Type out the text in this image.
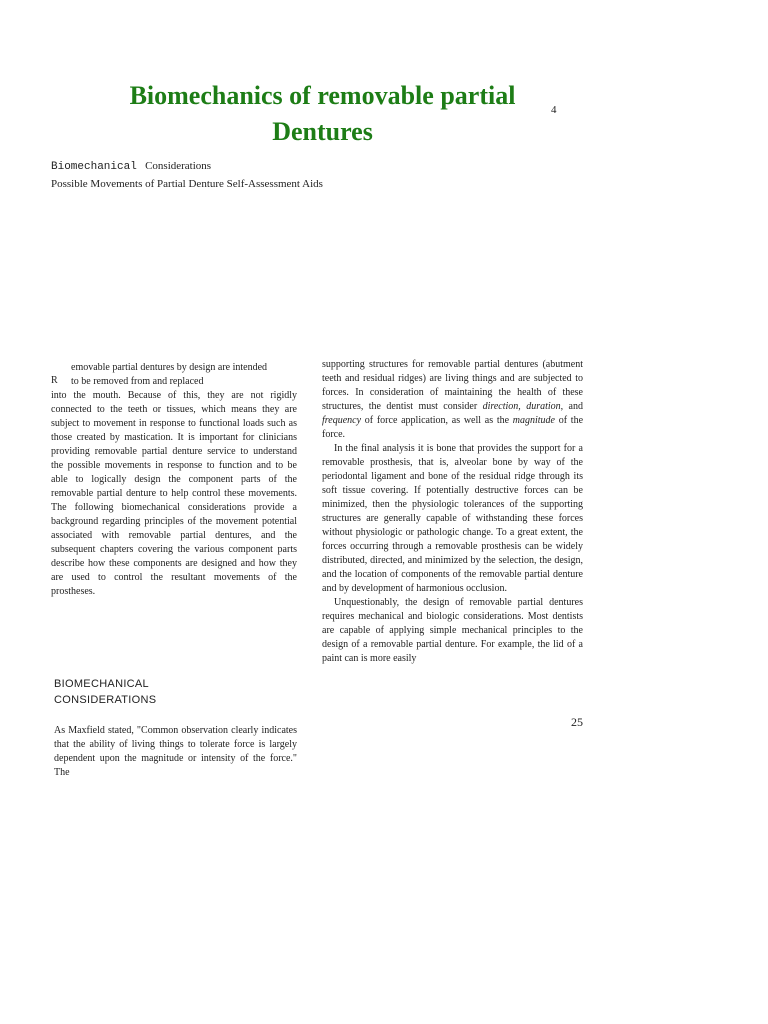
Biomechanics of removable partial
Dentures
4
Biomechanical Considerations
Possible Movements of Partial Denture Self-Assessment Aids
emovable partial dentures by design are intended
to be removed from and replaced

into the mouth. Because of this, they are not rigidly connected to the teeth or tissues, which means they are subject to movement in response to functional loads such as those created by mastication. It is important for clinicians providing removable partial denture service to understand the possible movements in response to function and to be able to logically design the component parts of the removable partial denture to help control these movements. The following biomechanical considerations provide a background regarding principles of the movement potential associated with removable partial dentures, and the subsequent chapters covering the various component parts describe how these components are designed and how they are used to control the resultant movements of the prostheses.

R
BIOMECHANICAL
CONSIDERATIONS

As Maxfield stated, "Common observation clearly indicates that the ability of living things to tolerate force is largely dependent upon the magnitude or intensity of the force." The

supporting structures for removable partial dentures (abutment teeth and residual ridges) are living things and are subjected to forces. In consideration of maintaining the health of these structures, the dentist must consider direction, duration, and frequency of force application, as well as the magnitude of the force.

In the final analysis it is bone that provides the support for a removable prosthesis, that is, alveolar bone by way of the periodontal ligament and bone of the residual ridge through its soft tissue covering. If potentially destructive forces can be minimized, then the physiologic tolerances of the supporting structures are generally capable of withstanding these forces without physiologic or pathologic change. To a great extent, the forces occurring through a removable prosthesis can be widely distributed, directed, and minimized by the selection, the design, and the location of components of the removable partial denture and by development of harmonious occlusion.

Unquestionably, the design of removable partial dentures requires mechanical and biologic considerations. Most dentists are capable of applying simple mechanical principles to the design of a removable partial denture. For example, the lid of a paint can is more easily

25
